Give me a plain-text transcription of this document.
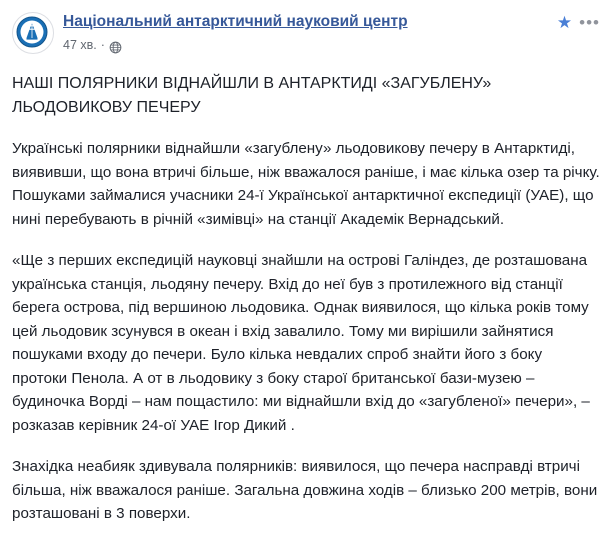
Національний антарктичний науковий центр
47 хв. ·
★ •••
НАШІ ПОЛЯРНИКИ ВІДНАЙШЛИ В АНТАРКТИДІ «ЗАГУБЛЕНУ» ЛЬОДОВИКОВУ ПЕЧЕРУ

Українські полярники віднайшли «загублену» льодовикову печеру в Антарктиді, виявивши, що вона втричі більше, ніж вважалося раніше, і має кілька озер та річку. Пошуками займалися учасники 24-ї Української антарктичної експедиції (УАЕ), що нині перебувають в річній «зимівці» на станції Академік Вернадський.

«Ще з перших експедицій науковці знайшли на острові Галіндез, де розташована українська станція, льодяну печеру. Вхід до неї був з протилежного від станції берега острова, під вершиною льодовика. Однак виявилося, що кілька років тому цей льодовик зсунувся в океан і вхід завалило. Тому ми вирішили зайнятися пошуками входу до печери. Було кілька невдалих спроб знайти його з боку протоки Пенола. А от в льодовику з боку старої британської бази-музею – будиночка Ворді – нам пощастило: ми віднайшли вхід до «загубленої» печери», – розказав керівник 24-ої УАЕ Ігор Дикий .

Знахідка неабияк здивувала полярників: виявилося, що печера насправді втричі більша, ніж вважалося раніше. Загальна довжина ходів – близько 200 метрів, вони розташовані в 3 поверхи.
